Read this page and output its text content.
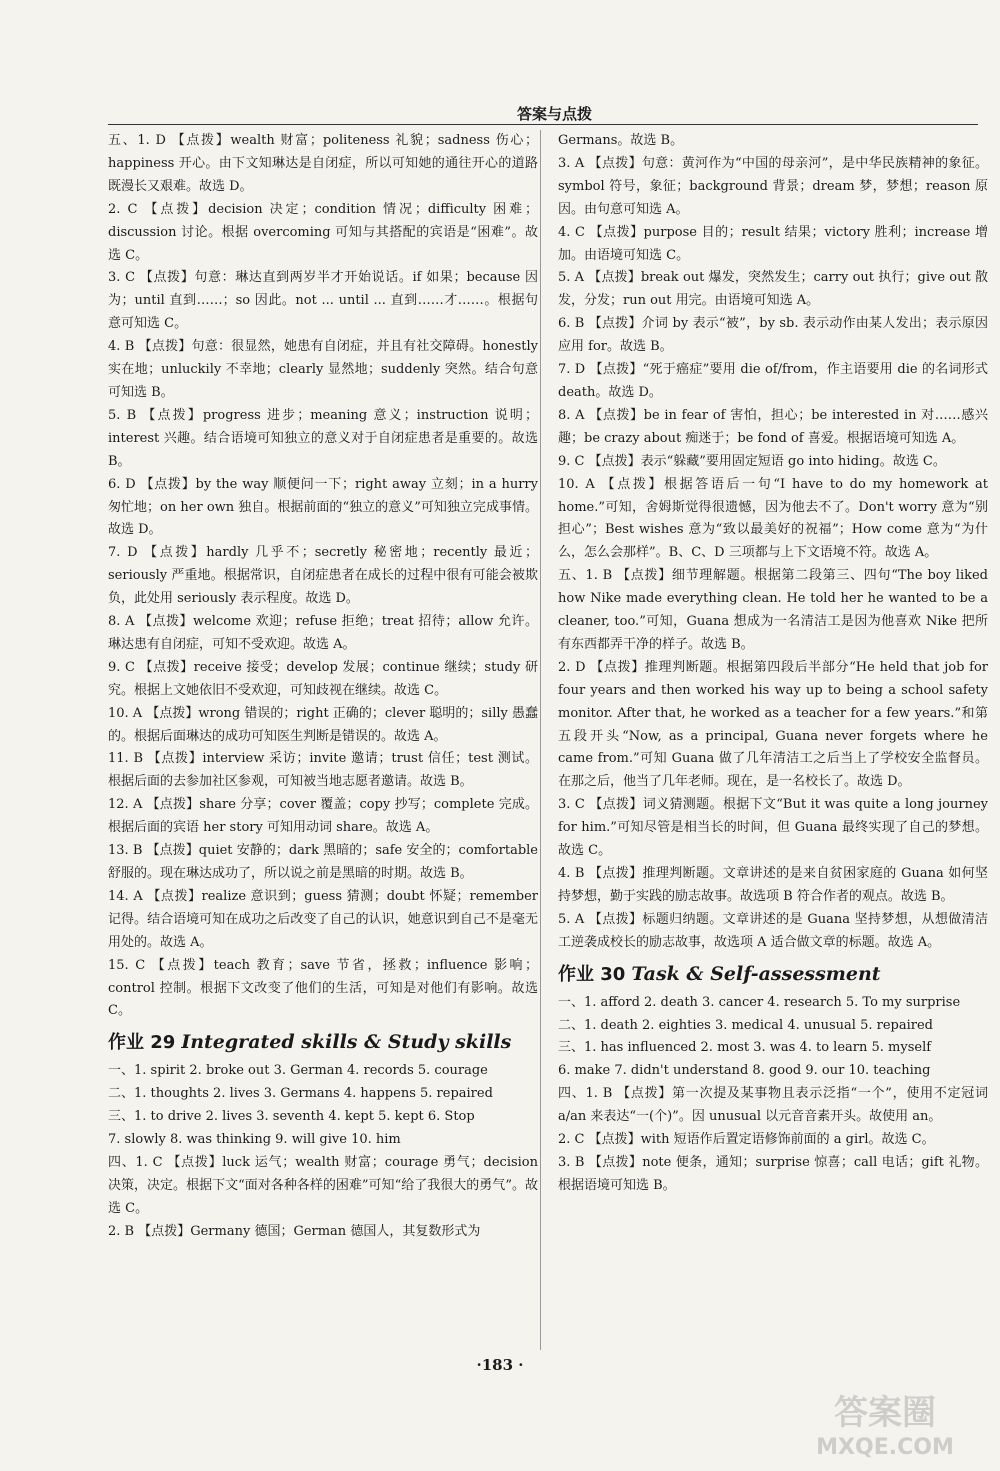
答案与点拨

五、1. D 【点拨】wealth 财富；politeness 礼貌；sadness 伤心；happiness 开心。由下文知琳达是自闭症，所以可知她的通往开心的道路既漫长又艰难。故选 D。

2. C 【点拨】decision 决定；condition 情况；difficulty 困难；discussion 讨论。根据 overcoming 可知与其搭配的宾语是“困难”。故选 C。

3. C 【点拨】句意：琳达直到两岁半才开始说话。if 如果；because 因为；until 直到……；so 因此。not ... until ... 直到……才……。根据句意可知选 C。

4. B 【点拨】句意：很显然，她患有自闭症，并且有社交障碍。honestly 实在地；unluckily 不幸地；clearly 显然地；suddenly 突然。结合句意可知选 B。

5. B 【点拨】progress 进步；meaning 意义；instruction 说明；interest 兴趣。结合语境可知独立的意义对于自闭症患者是重要的。故选 B。

6. D 【点拨】by the way 顺便问一下；right away 立刻；in a hurry 匆忙地；on her own 独自。根据前面的“独立的意义”可知独立完成事情。故选 D。

7. D 【点拨】hardly 几乎不；secretly 秘密地；recently 最近；seriously 严重地。根据常识，自闭症患者在成长的过程中很有可能会被欺负，此处用 seriously 表示程度。故选 D。

8. A 【点拨】welcome 欢迎；refuse 拒绝；treat 招待；allow 允许。琳达患有自闭症，可知不受欢迎。故选 A。

9. C 【点拨】receive 接受；develop 发展；continue 继续；study 研究。根据上文她依旧不受欢迎，可知歧视在继续。故选 C。

10. A 【点拨】wrong 错误的；right 正确的；clever 聪明的；silly 愚蠢的。根据后面琳达的成功可知医生判断是错误的。故选 A。

11. B 【点拨】interview 采访；invite 邀请；trust 信任；test 测试。根据后面的去参加社区参观，可知被当地志愿者邀请。故选 B。

12. A 【点拨】share 分享；cover 覆盖；copy 抄写；complete 完成。根据后面的宾语 her story 可知用动词 share。故选 A。

13. B 【点拨】quiet 安静的；dark 黑暗的；safe 安全的；comfortable 舒服的。现在琳达成功了，所以说之前是黑暗的时期。故选 B。

14. A 【点拨】realize 意识到；guess 猜测；doubt 怀疑；remember 记得。结合语境可知在成功之后改变了自己的认识，她意识到自己不是毫无用处的。故选 A。

15. C 【点拨】teach 教育；save 节省，拯救；influence 影响；control 控制。根据下文改变了他们的生活，可知是对他们有影响。故选 C。

作业 29 Integrated skills & Study skills

一、1. spirit 2. broke out 3. German 4. records 5. courage

二、1. thoughts 2. lives 3. Germans 4. happens 5. repaired

三、1. to drive 2. lives 3. seventh 4. kept 5. kept 6. Stop

7. slowly 8. was thinking 9. will give 10. him

四、1. C 【点拨】luck 运气；wealth 财富；courage 勇气；decision 决策，决定。根据下文“面对各种各样的困难”可知“给了我很大的勇气”。故选 C。

2. B 【点拨】Germany 德国；German 德国人，其复数形式为

Germans。故选 B。

3. A 【点拨】句意：黄河作为“中国的母亲河”，是中华民族精神的象征。symbol 符号，象征；background 背景；dream 梦，梦想；reason 原因。由句意可知选 A。

4. C 【点拨】purpose 目的；result 结果；victory 胜利；increase 增加。由语境可知选 C。

5. A 【点拨】break out 爆发，突然发生；carry out 执行；give out 散发，分发；run out 用完。由语境可知选 A。

6. B 【点拨】介词 by 表示“被”，by sb. 表示动作由某人发出；表示原因应用 for。故选 B。

7. D 【点拨】“死于癌症”要用 die of/from，作主语要用 die 的名词形式 death。故选 D。

8. A 【点拨】be in fear of 害怕，担心；be interested in 对……感兴趣；be crazy about 痴迷于；be fond of 喜爱。根据语境可知选 A。

9. C 【点拨】表示“躲藏”要用固定短语 go into hiding。故选 C。

10. A 【点拨】根据答语后一句“I have to do my homework at home.”可知，舍姆斯觉得很遗憾，因为他去不了。Don't worry 意为“别担心”；Best wishes 意为“致以最美好的祝福”；How come 意为“为什么，怎么会那样”。B、C、D 三项都与上下文语境不符。故选 A。

五、1. B 【点拨】细节理解题。根据第二段第三、四句“The boy liked how Nike made everything clean. He told her he wanted to be a cleaner, too.”可知，Guana 想成为一名清洁工是因为他喜欢 Nike 把所有东西都弄干净的样子。故选 B。

2. D 【点拨】推理判断题。根据第四段后半部分“He held that job for four years and then worked his way up to being a school safety monitor. After that, he worked as a teacher for a few years.”和第五段开头“Now, as a principal, Guana never forgets where he came from.”可知 Guana 做了几年清洁工之后当上了学校安全监督员。在那之后，他当了几年老师。现在，是一名校长了。故选 D。

3. C 【点拨】词义猜测题。根据下文“But it was quite a long journey for him.”可知尽管是相当长的时间，但 Guana 最终实现了自己的梦想。故选 C。

4. B 【点拨】推理判断题。文章讲述的是来自贫困家庭的 Guana 如何坚持梦想，勤于实践的励志故事。故选项 B 符合作者的观点。故选 B。

5. A 【点拨】标题归纳题。文章讲述的是 Guana 坚持梦想，从想做清洁工逆袭成校长的励志故事，故选项 A 适合做文章的标题。故选 A。

作业 30 Task & Self-assessment

一、1. afford 2. death 3. cancer 4. research 5. To my surprise

二、1. death 2. eighties 3. medical 4. unusual 5. repaired

三、1. has influenced 2. most 3. was 4. to learn 5. myself

6. make 7. didn't understand 8. good 9. our 10. teaching

四、1. B 【点拨】第一次提及某事物且表示泛指“一个”，使用不定冠词 a/an 来表达“一(个)”。因 unusual 以元音音素开头。故使用 an。

2. C 【点拨】with 短语作后置定语修饰前面的 a girl。故选 C。

3. B 【点拨】note 便条，通知；surprise 惊喜；call 电话；gift 礼物。根据语境可知选 B。

·183 ·
答案圈
MXQE.COM
